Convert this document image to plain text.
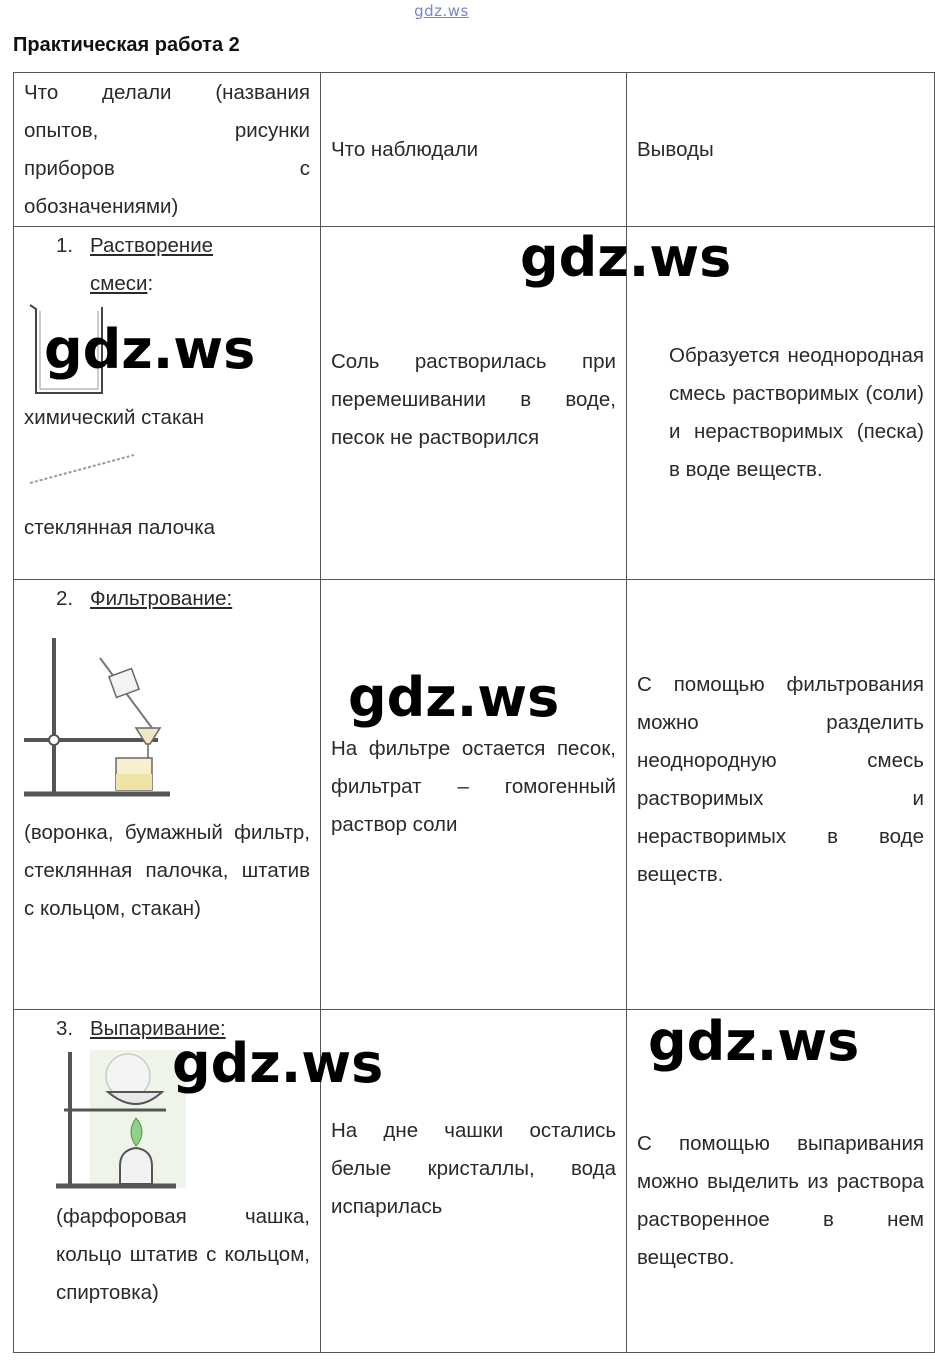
gdz.ws
Практическая работа 2
Что делали (названия
опытов, рисунки
приборов с
обозначениями)	Что наблюдали	Выводы

1. Растворение
смеси:
химический стакан
стеклянная палочка	Соль растворилась при перемешивании в воде, песок не растворился	Образуется неоднородная смесь растворимых (соли) и нерастворимых (песка) в воде веществ.

2. Фильтрование:
(воронка, бумажный фильтр, стеклянная палочка, штатив с кольцом, стакан)	На фильтре остается песок, фильтрат – гомогенный раствор соли	С помощью фильтрования можно разделить неоднородную смесь растворимых и нерастворимых в воде веществ.

3. Выпаривание:
(фарфоровая чашка, кольцо штатив с кольцом, спиртовка)	На дне чашки остались белые кристаллы, вода испарилась	С помощью выпаривания можно выделить из раствора растворенное в нем вещество.
gdz.ws
gdz.ws
gdz.ws
gdz.ws	gdz.ws
